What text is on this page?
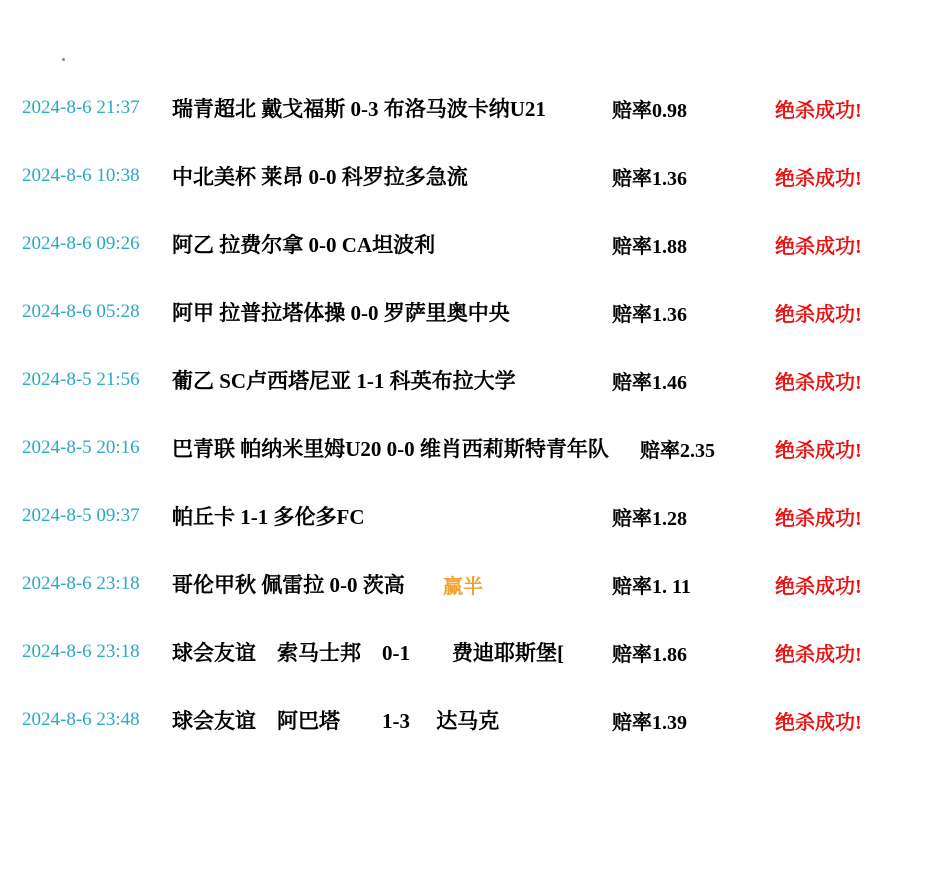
2024-8-6 21:37	瑞青超北 戴戈福斯 0-3 布洛马波卡纳U21	赔率0.98	绝杀成功!
2024-8-6 10:38	中北美杯 莱昂 0-0 科罗拉多急流	赔率1.36	绝杀成功!
2024-8-6 09:26	阿乙 拉费尔拿 0-0 CA坦波利	赔率1.88	绝杀成功!
2024-8-6 05:28	阿甲 拉普拉塔体操 0-0 罗萨里奥中央	赔率1.36	绝杀成功!
2024-8-5 21:56	葡乙 SC卢西塔尼亚 1-1 科英布拉大学	赔率1.46	绝杀成功!
2024-8-5 20:16	巴青联 帕纳米里姆U20 0-0 维肖西莉斯特青年队 赔率2.35	绝杀成功!
2024-8-5 09:37	帕丘卡 1-1 多伦多FC	赔率1.28	绝杀成功!
2024-8-6 23:18	哥伦甲秋 佩雷拉 0-0 茨高	赢半	赔率1. 11	绝杀成功!
2024-8-6 23:18	球会友谊　索马士邦　0-1　　费迪耶斯堡[	赔率1.86	绝杀成功!
2024-8-6 23:48	球会友谊　阿巴塔　　1-3　 达马克	赔率1.39	绝杀成功!
